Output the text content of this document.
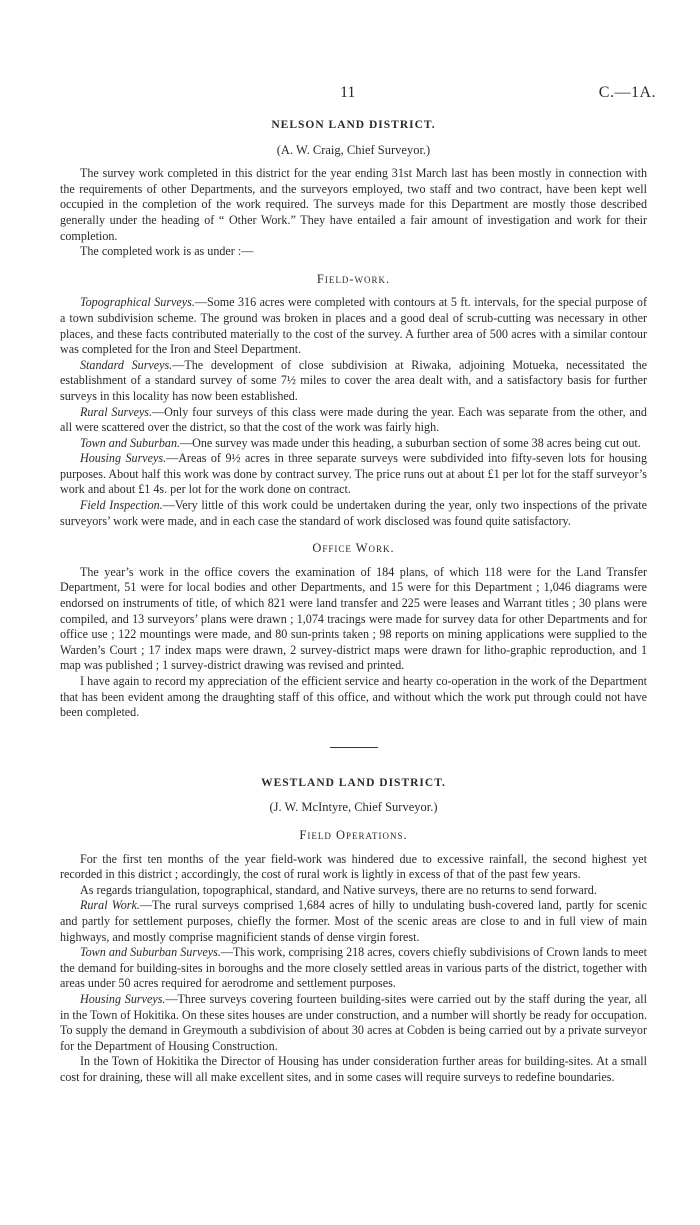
11	C.—1A.
NELSON LAND DISTRICT.
(A. W. Craig, Chief Surveyor.)

The survey work completed in this district for the year ending 31st March last has been mostly in connection with the requirements of other Departments, and the surveyors employed, two staff and two contract, have been kept well occupied in the completion of the work required. The surveys made for this Department are mostly those described generally under the heading of “ Other Work.” They have entailed a fair amount of investigation and work for their completion.

The completed work is as under :—

Field-work.

Topographical Surveys.—Some 316 acres were completed with contours at 5 ft. intervals, for the special purpose of a town subdivision scheme. The ground was broken in places and a good deal of scrub-cutting was necessary in other places, and these facts contributed materially to the cost of the survey. A further area of 500 acres with a similar contour was completed for the Iron and Steel Department.

Standard Surveys.—The development of close subdivision at Riwaka, adjoining Motueka, necessitated the establishment of a standard survey of some 7½ miles to cover the area dealt with, and a satisfactory basis for further surveys in this locality has now been established.

Rural Surveys.—Only four surveys of this class were made during the year. Each was separate from the other, and all were scattered over the district, so that the cost of the work was fairly high.

Town and Suburban.—One survey was made under this heading, a suburban section of some 38 acres being cut out.

Housing Surveys.—Areas of 9½ acres in three separate surveys were subdivided into fifty-seven lots for housing purposes. About half this work was done by contract survey. The price runs out at about £1 per lot for the staff surveyor’s work and about £1 4s. per lot for the work done on contract.

Field Inspection.—Very little of this work could be undertaken during the year, only two inspections of the private surveyors’ work were made, and in each case the standard of work disclosed was found quite satisfactory.

Office Work.

The year’s work in the office covers the examination of 184 plans, of which 118 were for the Land Transfer Department, 51 were for local bodies and other Departments, and 15 were for this Department ; 1,046 diagrams were endorsed on instruments of title, of which 821 were land transfer and 225 were leases and Warrant titles ; 30 plans were compiled, and 13 surveyors’ plans were drawn ; 1,074 tracings were made for survey data for other Departments and for office use ; 122 mountings were made, and 80 sun-prints taken ; 98 reports on mining applications were supplied to the Warden’s Court ; 17 index maps were drawn, 2 survey-district maps were drawn for litho-graphic reproduction, and 1 map was published ; 1 survey-district drawing was revised and printed.

I have again to record my appreciation of the efficient service and hearty co-operation in the work of the Department that has been evident among the draughting staff of this office, and without which the work put through could not have been completed.

WESTLAND LAND DISTRICT.
(J. W. McIntyre, Chief Surveyor.)
Field Operations.

For the first ten months of the year field-work was hindered due to excessive rainfall, the second highest yet recorded in this district ; accordingly, the cost of rural work is lightly in excess of that of the past few years.

As regards triangulation, topographical, standard, and Native surveys, there are no returns to send forward.

Rural Work.—The rural surveys comprised 1,684 acres of hilly to undulating bush-covered land, partly for scenic and partly for settlement purposes, chiefly the former. Most of the scenic areas are close to and in full view of main highways, and mostly comprise magnificient stands of dense virgin forest.

Town and Suburban Surveys.—This work, comprising 218 acres, covers chiefly subdivisions of Crown lands to meet the demand for building-sites in boroughs and the more closely settled areas in various parts of the district, together with areas under 50 acres required for aerodrome and settlement purposes.

Housing Surveys.—Three surveys covering fourteen building-sites were carried out by the staff during the year, all in the Town of Hokitika. On these sites houses are under construction, and a number will shortly be ready for occupation. To supply the demand in Greymouth a subdivision of about 30 acres at Cobden is being carried out by a private surveyor for the Department of Housing Construction.

In the Town of Hokitika the Director of Housing has under consideration further areas for building-sites. At a small cost for draining, these will all make excellent sites, and in some cases will require surveys to redefine boundaries.
